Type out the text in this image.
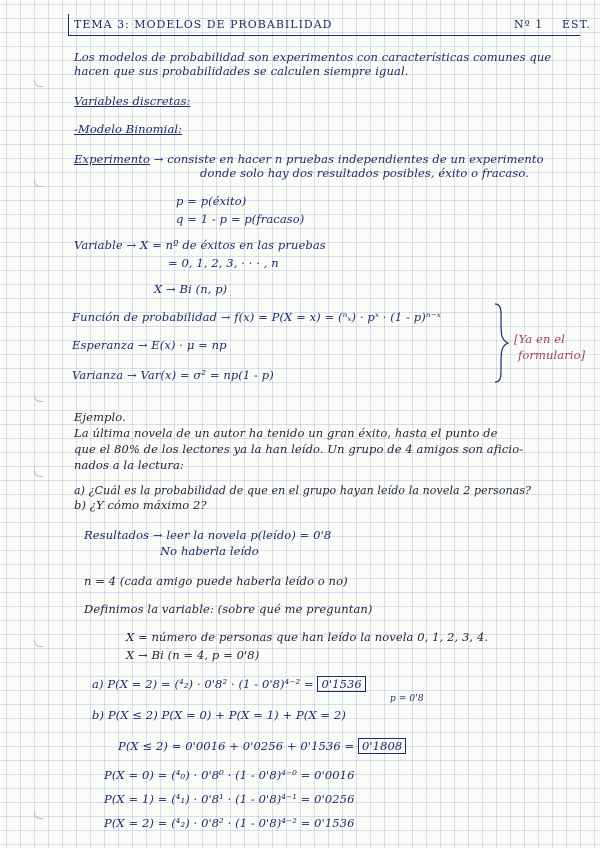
TEMA 3: MODELOS DE PROBABILIDAD	Nº 1 EST.

Los modelos de probabilidad son experimentos con características comunes que

hacen que sus probabilidades se calculen siempre igual.

Variables discretas:

-Modelo Binomial:

Experimento → consiste en hacer n pruebas independientes de un experimento

donde solo hay dos resultados posibles, éxito o fracaso.

p = p(éxito)

q = 1 - p = p(fracaso)

Variable → X = nº de éxitos en las pruebas

= 0, 1, 2, 3, · · · , n

X → Bi (n, p)

Función de probabilidad → f(x) = P(X = x) = (ⁿₓ) · pˣ · (1 - p)ⁿ⁻ˣ

Esperanza → E(x) · μ = np

Varianza → Var(x) = σ² = np(1 - p)

[Ya en el

formulario]

Ejemplo.

La última novela de un autor ha tenido un gran éxito, hasta el punto de

que el 80% de los lectores ya la han leído. Un grupo de 4 amigos son aficio-

nados a la lectura:

a) ¿Cuál es la probabilidad de que en el grupo hayan leído la novela 2 personas?

b) ¿Y cómo máximo 2?

Resultados → leer la novela p(leído) = 0'8

No haberla leído

n = 4 (cada amigo puede haberla leído o no)

Definimos la variable: (sobre qué me preguntan)

X = número de personas que han leído la novela 0, 1, 2, 3, 4.

X → Bi (n = 4, p = 0'8)

a) P(X = 2) = (⁴₂) · 0'8² · (1 - 0'8)⁴⁻² = 0'1536

p = 0'8

b) P(X ≤ 2) P(X = 0) + P(X = 1) + P(X = 2)

P(X ≤ 2) = 0'0016 + 0'0256 + 0'1536 = 0'1808

P(X = 0) = (⁴₀) · 0'8⁰ · (1 - 0'8)⁴⁻⁰ = 0'0016

P(X = 1) = (⁴₁) · 0'8¹ · (1 - 0'8)⁴⁻¹ = 0'0256

P(X = 2) = (⁴₂) · 0'8² · (1 - 0'8)⁴⁻² = 0'1536
